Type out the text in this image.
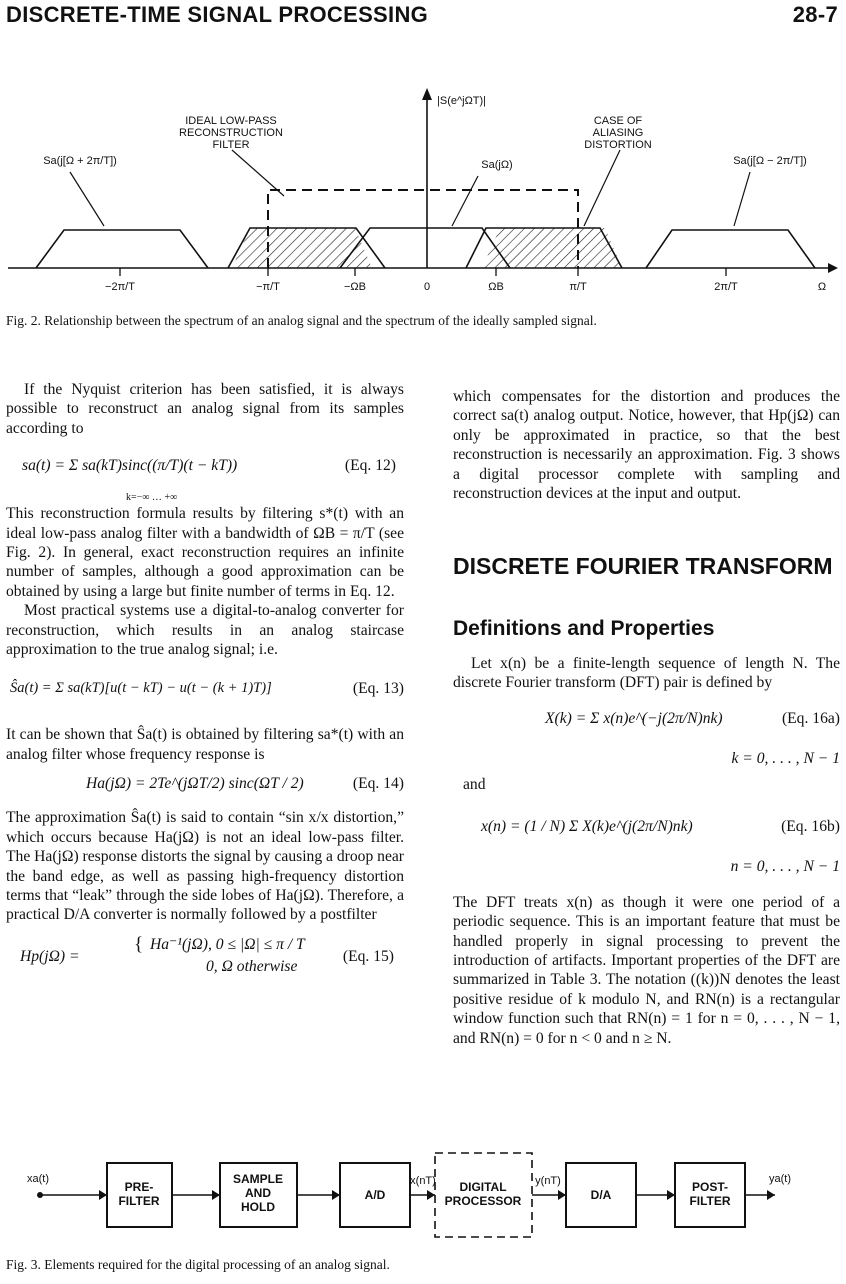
DISCRETE-TIME SIGNAL PROCESSING	28-7
|S(e^jΩT)|
IDEAL LOW-PASS
RECONSTRUCTION
FILTER
CASE OF
ALIASING
DISTORTION
Sa(j[Ω + 2π/T])	Sa(jΩ)	Sa(j[Ω − 2π/T])
−2π/T	−π/T	−ΩB	0	ΩB	π/T	2π/T	Ω
Fig. 2. Relationship between the spectrum of an analog signal and the spectrum of the ideally sampled signal.

If the Nyquist criterion has been satisfied, it is always possible to reconstruct an analog signal from its samples according to

sa(t) = Σ sa(kT)sinc((π/T)(t − kT))
k=−∞ … +∞
(Eq. 12)

This reconstruction formula results by filtering s*(t) with an ideal low-pass analog filter with a bandwidth of ΩB = π/T (see Fig. 2). In general, exact reconstruction requires an infinite number of samples, although a good approximation can be obtained by using a large but finite number of terms in Eq. 12.

Most practical systems use a digital-to-analog converter for reconstruction, which results in an analog staircase approximation to the true analog signal; i.e.

Ŝa(t) = Σ sa(kT)[u(t − kT) − u(t − (k + 1)T)]	(Eq. 13)

It can be shown that Ŝa(t) is obtained by filtering sa*(t) with an analog filter whose frequency response is

Ha(jΩ) = 2Te^(jΩT/2) sinc(ΩT / 2)	(Eq. 14)

The approximation Ŝa(t) is said to contain “sin x/x distortion,” which occurs because Ha(jΩ) is not an ideal low-pass filter. The Ha(jΩ) response distorts the signal by causing a droop near the band edge, as well as passing high-frequency distortion terms that “leak” through the side lobes of Ha(jΩ). Therefore, a practical D/A converter is normally followed by a postfilter

Hp(jΩ) =
{ Ha⁻¹(jΩ), 0 ≤ |Ω| ≤ π / T
0, Ω otherwise
(Eq. 15)

which compensates for the distortion and produces the correct sa(t) analog output. Notice, however, that Hp(jΩ) can only be approximated in practice, so that the best reconstruction is necessarily an approximation. Fig. 3 shows a digital processor complete with sampling and reconstruction devices at the input and output.

DISCRETE FOURIER TRANSFORM
Definitions and Properties

Let x(n) be a finite-length sequence of length N. The discrete Fourier transform (DFT) pair is defined by

X(k) = Σ x(n)e^(−j(2π/N)nk)	(Eq. 16a)
k = 0, . . . , N − 1
and
x(n) = (1 / N) Σ X(k)e^(j(2π/N)nk)	(Eq. 16b)
n = 0, . . . , N − 1

The DFT treats x(n) as though it were one period of a periodic sequence. This is an important feature that must be handled properly in signal processing to prevent the introduction of artifacts. Important properties of the DFT are summarized in Table 3. The notation ((k))N denotes the least positive residue of k modulo N, and RN(n) is a rectangular window function such that RN(n) = 1 for n = 0, . . . , N − 1, and RN(n) = 0 for n < 0 and n ≥ N.

PRE-
FILTER
SAMPLE
AND
HOLD
A/D
DIGITAL
PROCESSOR	D/A
POST-
FILTER
xa(t)	x(nT)	y(nT)	ya(t)
Fig. 3. Elements required for the digital processing of an analog signal.
